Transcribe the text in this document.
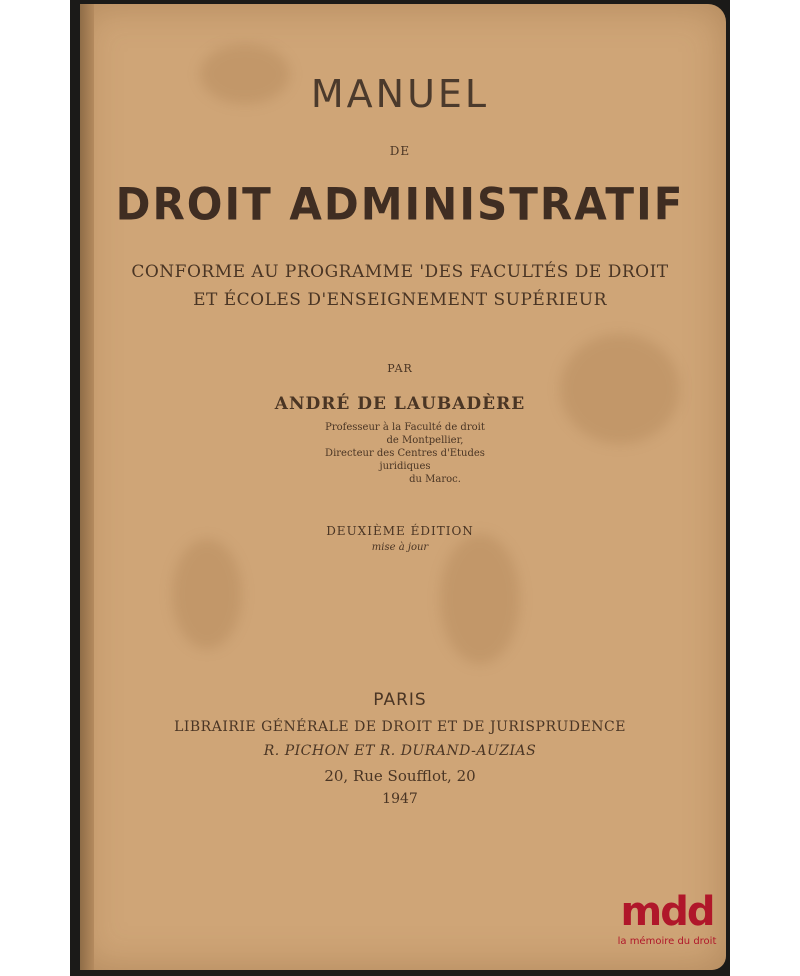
MANUEL
DE
DROIT ADMINISTRATIF
CONFORME AU PROGRAMME 'DES FACULTÉS DE DROIT
ET ÉCOLES D'ENSEIGNEMENT SUPÉRIEUR
PAR
ANDRÉ DE LAUBADÈRE
Professeur à la Faculté de droit
de Montpellier,
Directeur des Centres d'Etudes juridiques
du Maroc.
DEUXIÈME ÉDITION
mise à jour
PARIS
LIBRAIRIE GÉNÉRALE DE DROIT ET DE JURISPRUDENCE
R. PICHON ET R. DURAND-AUZIAS
20, Rue Soufflot, 20
1947
mdd
la mémoire du droit
